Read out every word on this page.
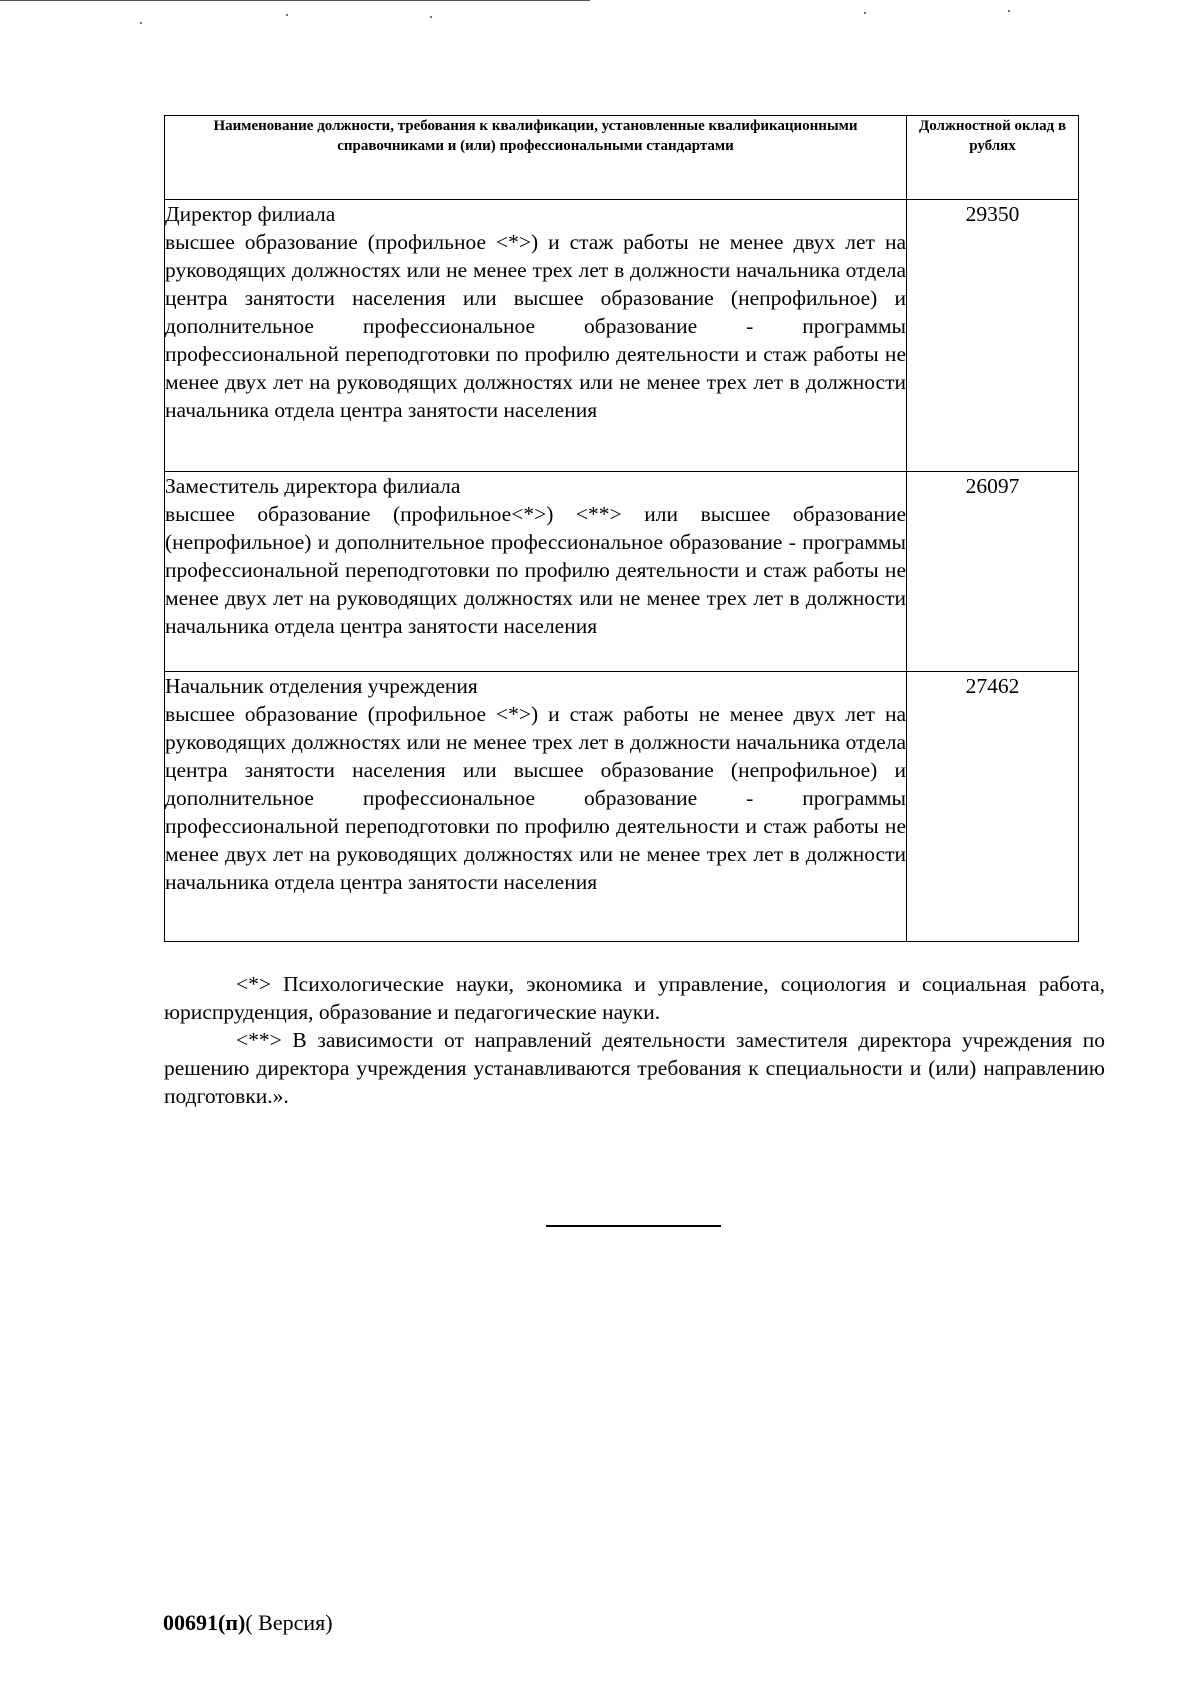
Наименование должности, требования к квалификации, установленные квалификационными справочниками и (или) профессиональными стандартами	Должностной оклад в рублях

Директор филиала
высшее образование (профильное <*>) и стаж работы не менее двух лет на руководящих должностях или не менее трех лет в должности начальника отдела центра занятости населения или высшее образование (непрофильное) и дополнительное профессиональное образование - программы профессиональной переподготовки по профилю деятельности и стаж работы не менее двух лет на руководящих должностях или не менее трех лет в должности начальника отдела центра занятости населения	29350

Заместитель директора филиала
высшее образование (профильное<*>) <**> или высшее образование (непрофильное) и дополнительное профессиональное образование - программы профессиональной переподготовки по профилю деятельности и стаж работы не менее двух лет на руководящих должностях или не менее трех лет в должности начальника отдела центра занятости населения	26097

Начальник отделения учреждения
высшее образование (профильное <*>) и стаж работы не менее двух лет на руководящих должностях или не менее трех лет в должности начальника отдела центра занятости населения или высшее образование (непрофильное) и дополнительное профессиональное образование - программы профессиональной переподготовки по профилю деятельности и стаж работы не менее двух лет на руководящих должностях или не менее трех лет в должности начальника отдела центра занятости населения	27462

<*> Психологические науки, экономика и управление, социология и социальная работа, юриспруденция, образование и педагогические науки.

<**> В зависимости от направлений деятельности заместителя директора учреждения по решению директора учреждения устанавливаются требования к специальности и (или) направлению подготовки.».

00691(п)( Версия)
